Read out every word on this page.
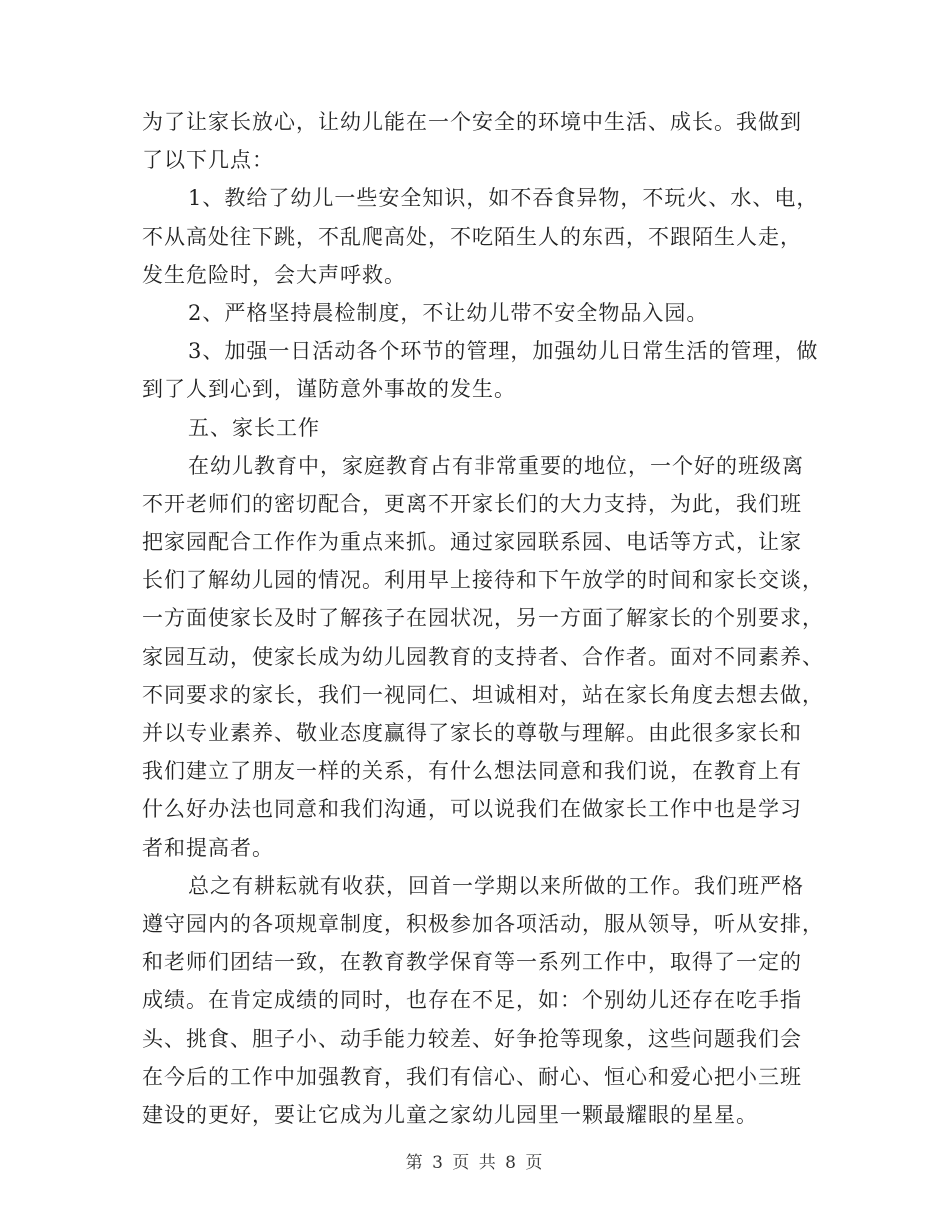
为了让家长放心，让幼儿能在一个安全的环境中生活、成长。我做到
了以下几点：
1、教给了幼儿一些安全知识，如不吞食异物，不玩火、水、电，
不从高处往下跳，不乱爬高处，不吃陌生人的东西，不跟陌生人走，
发生危险时，会大声呼救。
2、严格坚持晨检制度，不让幼儿带不安全物品入园。
3、加强一日活动各个环节的管理，加强幼儿日常生活的管理，做
到了人到心到，谨防意外事故的发生。
五、家长工作
在幼儿教育中，家庭教育占有非常重要的地位，一个好的班级离
不开老师们的密切配合，更离不开家长们的大力支持，为此，我们班
把家园配合工作作为重点来抓。通过家园联系园、电话等方式，让家
长们了解幼儿园的情况。利用早上接待和下午放学的时间和家长交谈，
一方面使家长及时了解孩子在园状况，另一方面了解家长的个别要求，
家园互动，使家长成为幼儿园教育的支持者、合作者。面对不同素养、
不同要求的家长，我们一视同仁、坦诚相对，站在家长角度去想去做，
并以专业素养、敬业态度赢得了家长的尊敬与理解。由此很多家长和
我们建立了朋友一样的关系，有什么想法同意和我们说，在教育上有
什么好办法也同意和我们沟通，可以说我们在做家长工作中也是学习
者和提高者。
总之有耕耘就有收获，回首一学期以来所做的工作。我们班严格
遵守园内的各项规章制度，积极参加各项活动，服从领导，听从安排，
和老师们团结一致，在教育教学保育等一系列工作中，取得了一定的
成绩。在肯定成绩的同时，也存在不足，如：个别幼儿还存在吃手指
头、挑食、胆子小、动手能力较差、好争抢等现象，这些问题我们会
在今后的工作中加强教育，我们有信心、耐心、恒心和爱心把小三班
建设的更好，要让它成为儿童之家幼儿园里一颗最耀眼的星星。
第 3 页 共 8 页
